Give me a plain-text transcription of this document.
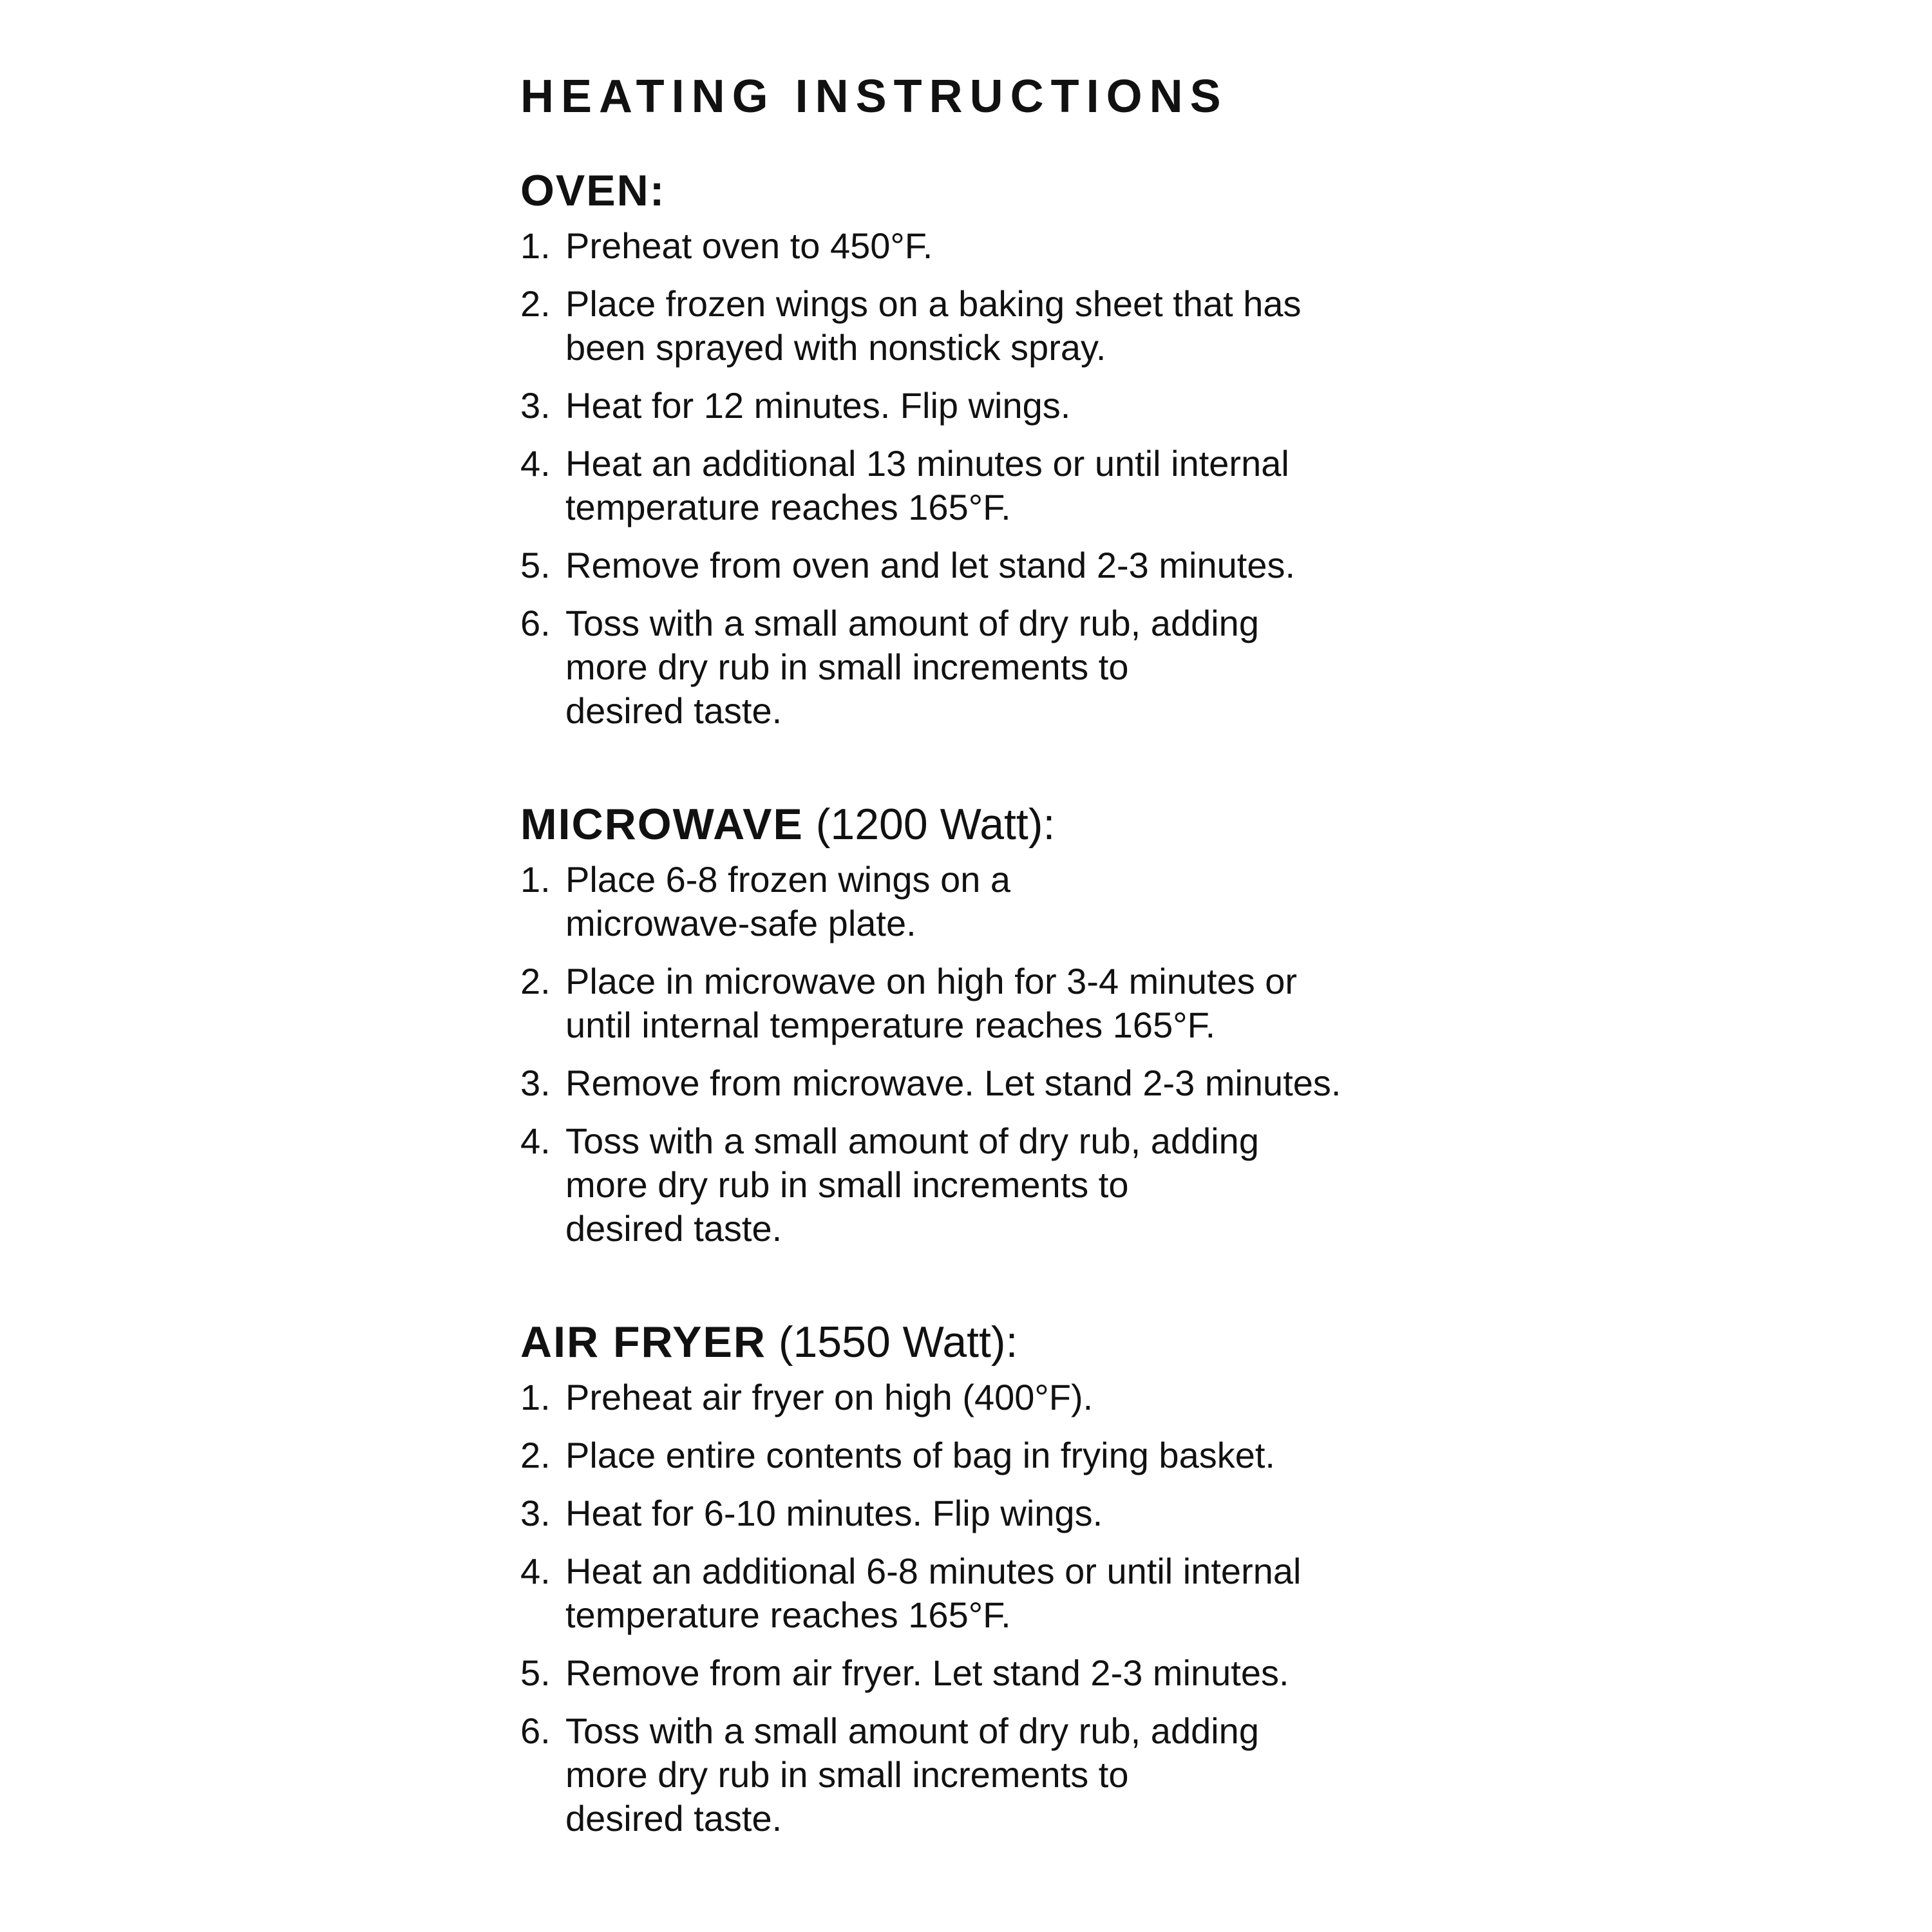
HEATING INSTRUCTIONS
OVEN:
1. Preheat oven to 450°F.
2. Place frozen wings on a baking sheet that has
been sprayed with nonstick spray.
3. Heat for 12 minutes. Flip wings.
4. Heat an additional 13 minutes or until internal
temperature reaches 165°F.
5. Remove from oven and let stand 2-3 minutes.
6. Toss with a small amount of dry rub, adding
more dry rub in small increments to
desired taste.
MICROWAVE (1200 Watt):
1. Place 6-8 frozen wings on a
microwave-safe plate.
2. Place in microwave on high for 3-4 minutes or
until internal temperature reaches 165°F.
3. Remove from microwave. Let stand 2-3 minutes.
4. Toss with a small amount of dry rub, adding
more dry rub in small increments to
desired taste.
AIR FRYER (1550 Watt):
1. Preheat air fryer on high (400°F).
2. Place entire contents of bag in frying basket.
3. Heat for 6-10 minutes. Flip wings.
4. Heat an additional 6-8 minutes or until internal
temperature reaches 165°F.
5. Remove from air fryer. Let stand 2-3 minutes.
6. Toss with a small amount of dry rub, adding
more dry rub in small increments to
desired taste.
